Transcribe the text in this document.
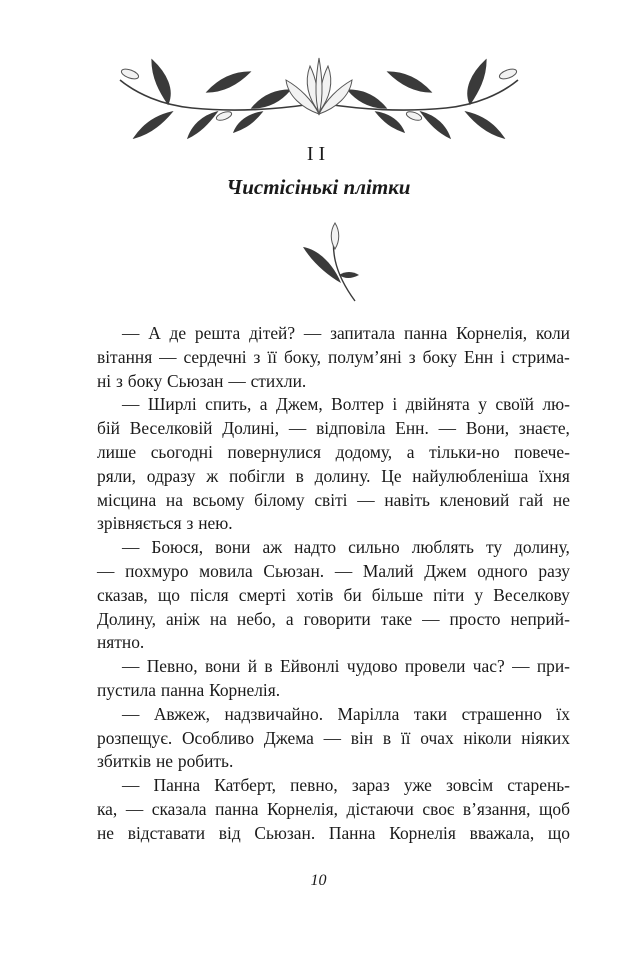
II
Чистісінькі плітки
— А де решта дітей? — запитала панна Корнелія, коли
вітання — сердечні з її боку, полум’яні з боку Енн і стрима-
ні з боку Сьюзан — стихли.
— Ширлі спить, а Джем, Волтер і двійнята у своїй лю-
бій Веселковій Долині, — відповіла Енн. — Вони, знаєте,
лише сьогодні повернулися додому, а тільки-но повече-
ряли, одразу ж побігли в долину. Це найулюбленіша їхня
місцина на всьому білому світі — навіть кленовий гай не
зрівняється з нею.
— Боюся, вони аж надто сильно люблять ту долину,
— похмуро мовила Сьюзан. — Малий Джем одного разу
сказав, що після смерті хотів би більше піти у Веселкову
Долину, аніж на небо, а говорити таке — просто неприй-
нятно.
— Певно, вони й в Ейвонлі чудово провели час? — при-
пустила панна Корнелія.
— Авжеж, надзвичайно. Марілла таки страшенно їх
розпещує. Особливо Джема — він в її очах ніколи ніяких
збитків не робить.
— Панна Катберт, певно, зараз уже зовсім старень-
ка, — сказала панна Корнелія, дістаючи своє в’язання, щоб
не відставати від Сьюзан. Панна Корнелія вважала, що
10
